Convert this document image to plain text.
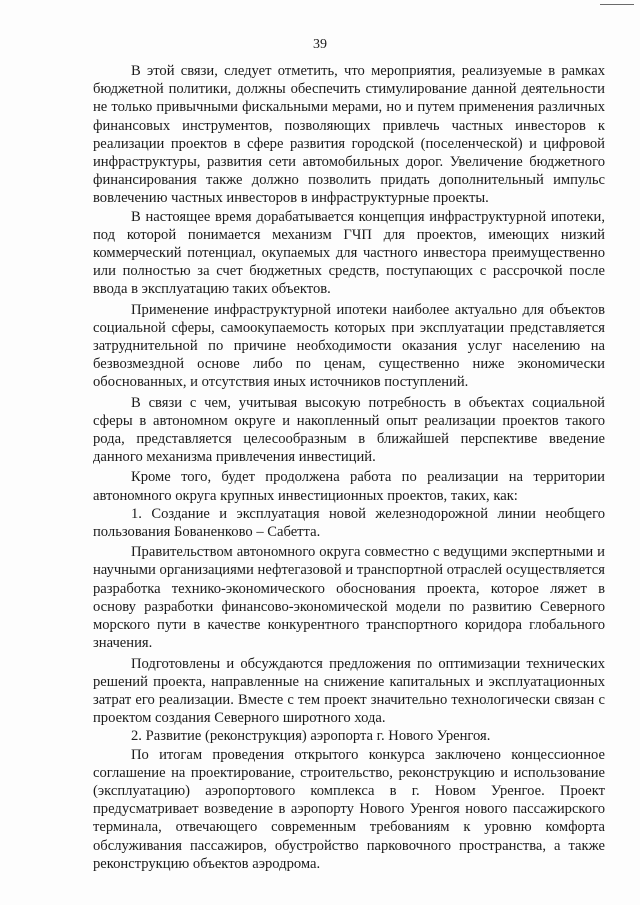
39

В этой связи, следует отметить, что мероприятия, реализуемые в рамках бюджетной политики, должны обеспечить стимулирование данной деятельности не только привычными фискальными мерами, но и путем применения различных финансовых инструментов, позволяющих привлечь частных инвесторов к реализации проектов в сфере развития городской (поселенческой) и цифровой инфраструктуры, развития сети автомобильных дорог. Увеличение бюджетного финансирования также должно позволить придать дополнительный импульс вовлечению частных инвесторов в инфраструктурные проекты.

В настоящее время дорабатывается концепция инфраструктурной ипотеки, под которой понимается механизм ГЧП для проектов, имеющих низкий коммерческий потенциал, окупаемых для частного инвестора преимущественно или полностью за счет бюджетных средств, поступающих с рассрочкой после ввода в эксплуатацию таких объектов.

Применение инфраструктурной ипотеки наиболее актуально для объектов социальной сферы, самоокупаемость которых при эксплуатации представляется затруднительной по причине необходимости оказания услуг населению на безвозмездной основе либо по ценам, существенно ниже экономически обоснованных, и отсутствия иных источников поступлений.

В связи с чем, учитывая высокую потребность в объектах социальной сферы в автономном округе и накопленный опыт реализации проектов такого рода, представляется целесообразным в ближайшей перспективе введение данного механизма привлечения инвестиций.

Кроме того, будет продолжена работа по реализации на территории автономного округа крупных инвестиционных проектов, таких, как:

1. Создание и эксплуатация новой железнодорожной линии необщего пользования Бованенково – Сабетта.

Правительством автономного округа совместно с ведущими экспертными и научными организациями нефтегазовой и транспортной отраслей осуществляется разработка технико-экономического обоснования проекта, которое ляжет в основу разработки финансово-экономической модели по развитию Северного морского пути в качестве конкурентного транспортного коридора глобального значения.

Подготовлены и обсуждаются предложения по оптимизации технических решений проекта, направленные на снижение капитальных и эксплуатационных затрат его реализации. Вместе с тем проект значительно технологически связан с проектом создания Северного широтного хода.

2. Развитие (реконструкция) аэропорта г. Нового Уренгоя.

По итогам проведения открытого конкурса заключено концессионное соглашение на проектирование, строительство, реконструкцию и использование (эксплуатацию) аэропортового комплекса в г. Новом Уренгое. Проект предусматривает возведение в аэропорту Нового Уренгоя нового пассажирского терминала, отвечающего современным требованиям к уровню комфорта обслуживания пассажиров, обустройство парковочного пространства, а также реконструкцию объектов аэродрома.
